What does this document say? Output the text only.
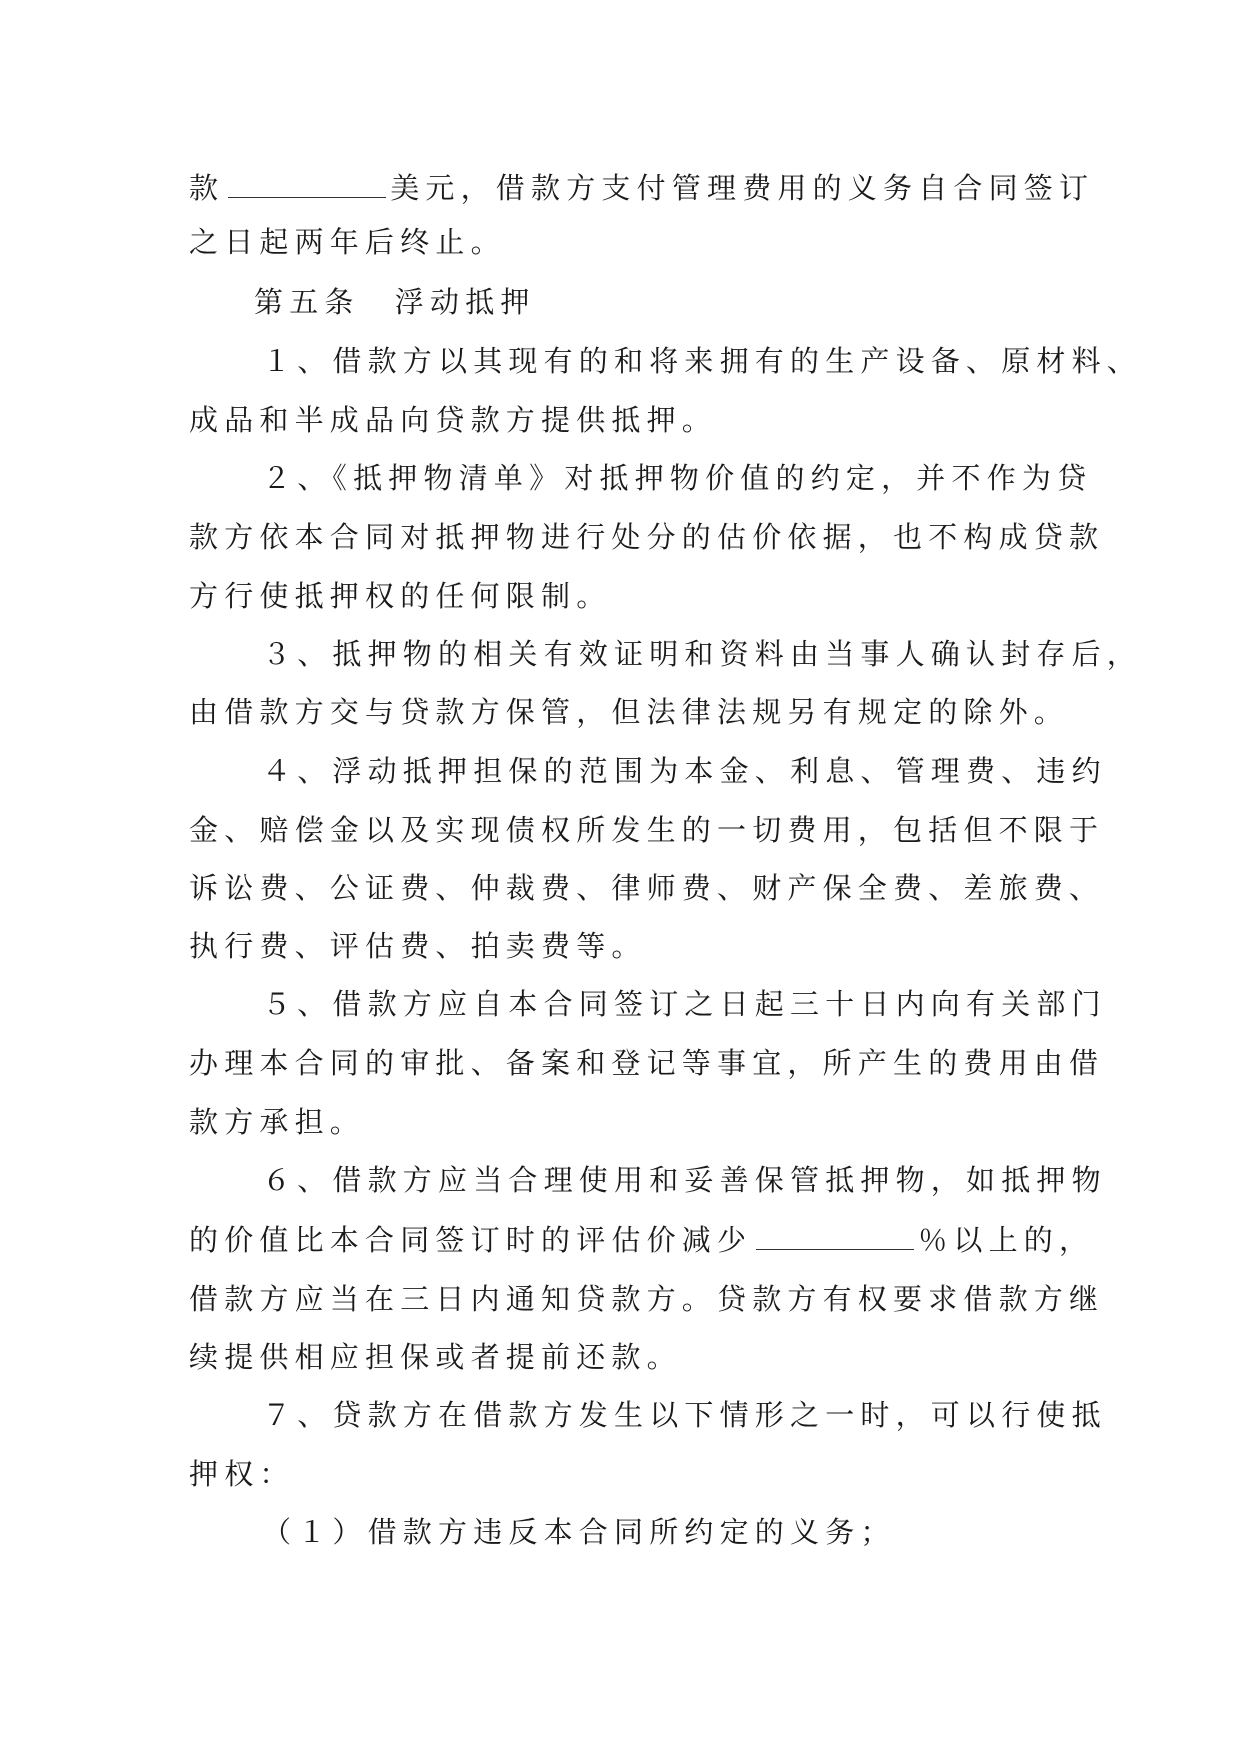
款	美元，借款方支付管理费用的义务自合同签订
之日起两年后终止。
第五条　浮动抵押
１、借款方以其现有的和将来拥有的生产设备、原材料、
成品和半成品向贷款方提供抵押。
２、《抵押物清单》对抵押物价值的约定，并不作为贷
款方依本合同对抵押物进行处分的估价依据，也不构成贷款
方行使抵押权的任何限制。
３、抵押物的相关有效证明和资料由当事人确认封存后，
由借款方交与贷款方保管，但法律法规另有规定的除外。
４、浮动抵押担保的范围为本金、利息、管理费、违约
金、赔偿金以及实现债权所发生的一切费用，包括但不限于
诉讼费、公证费、仲裁费、律师费、财产保全费、差旅费、
执行费、评估费、拍卖费等。
５、借款方应自本合同签订之日起三十日内向有关部门
办理本合同的审批、备案和登记等事宜，所产生的费用由借
款方承担。
６、借款方应当合理使用和妥善保管抵押物，如抵押物
的价值比本合同签订时的评估价减少	％以上的，
借款方应当在三日内通知贷款方。贷款方有权要求借款方继
续提供相应担保或者提前还款。
７、贷款方在借款方发生以下情形之一时，可以行使抵
押权：
（１）借款方违反本合同所约定的义务；
